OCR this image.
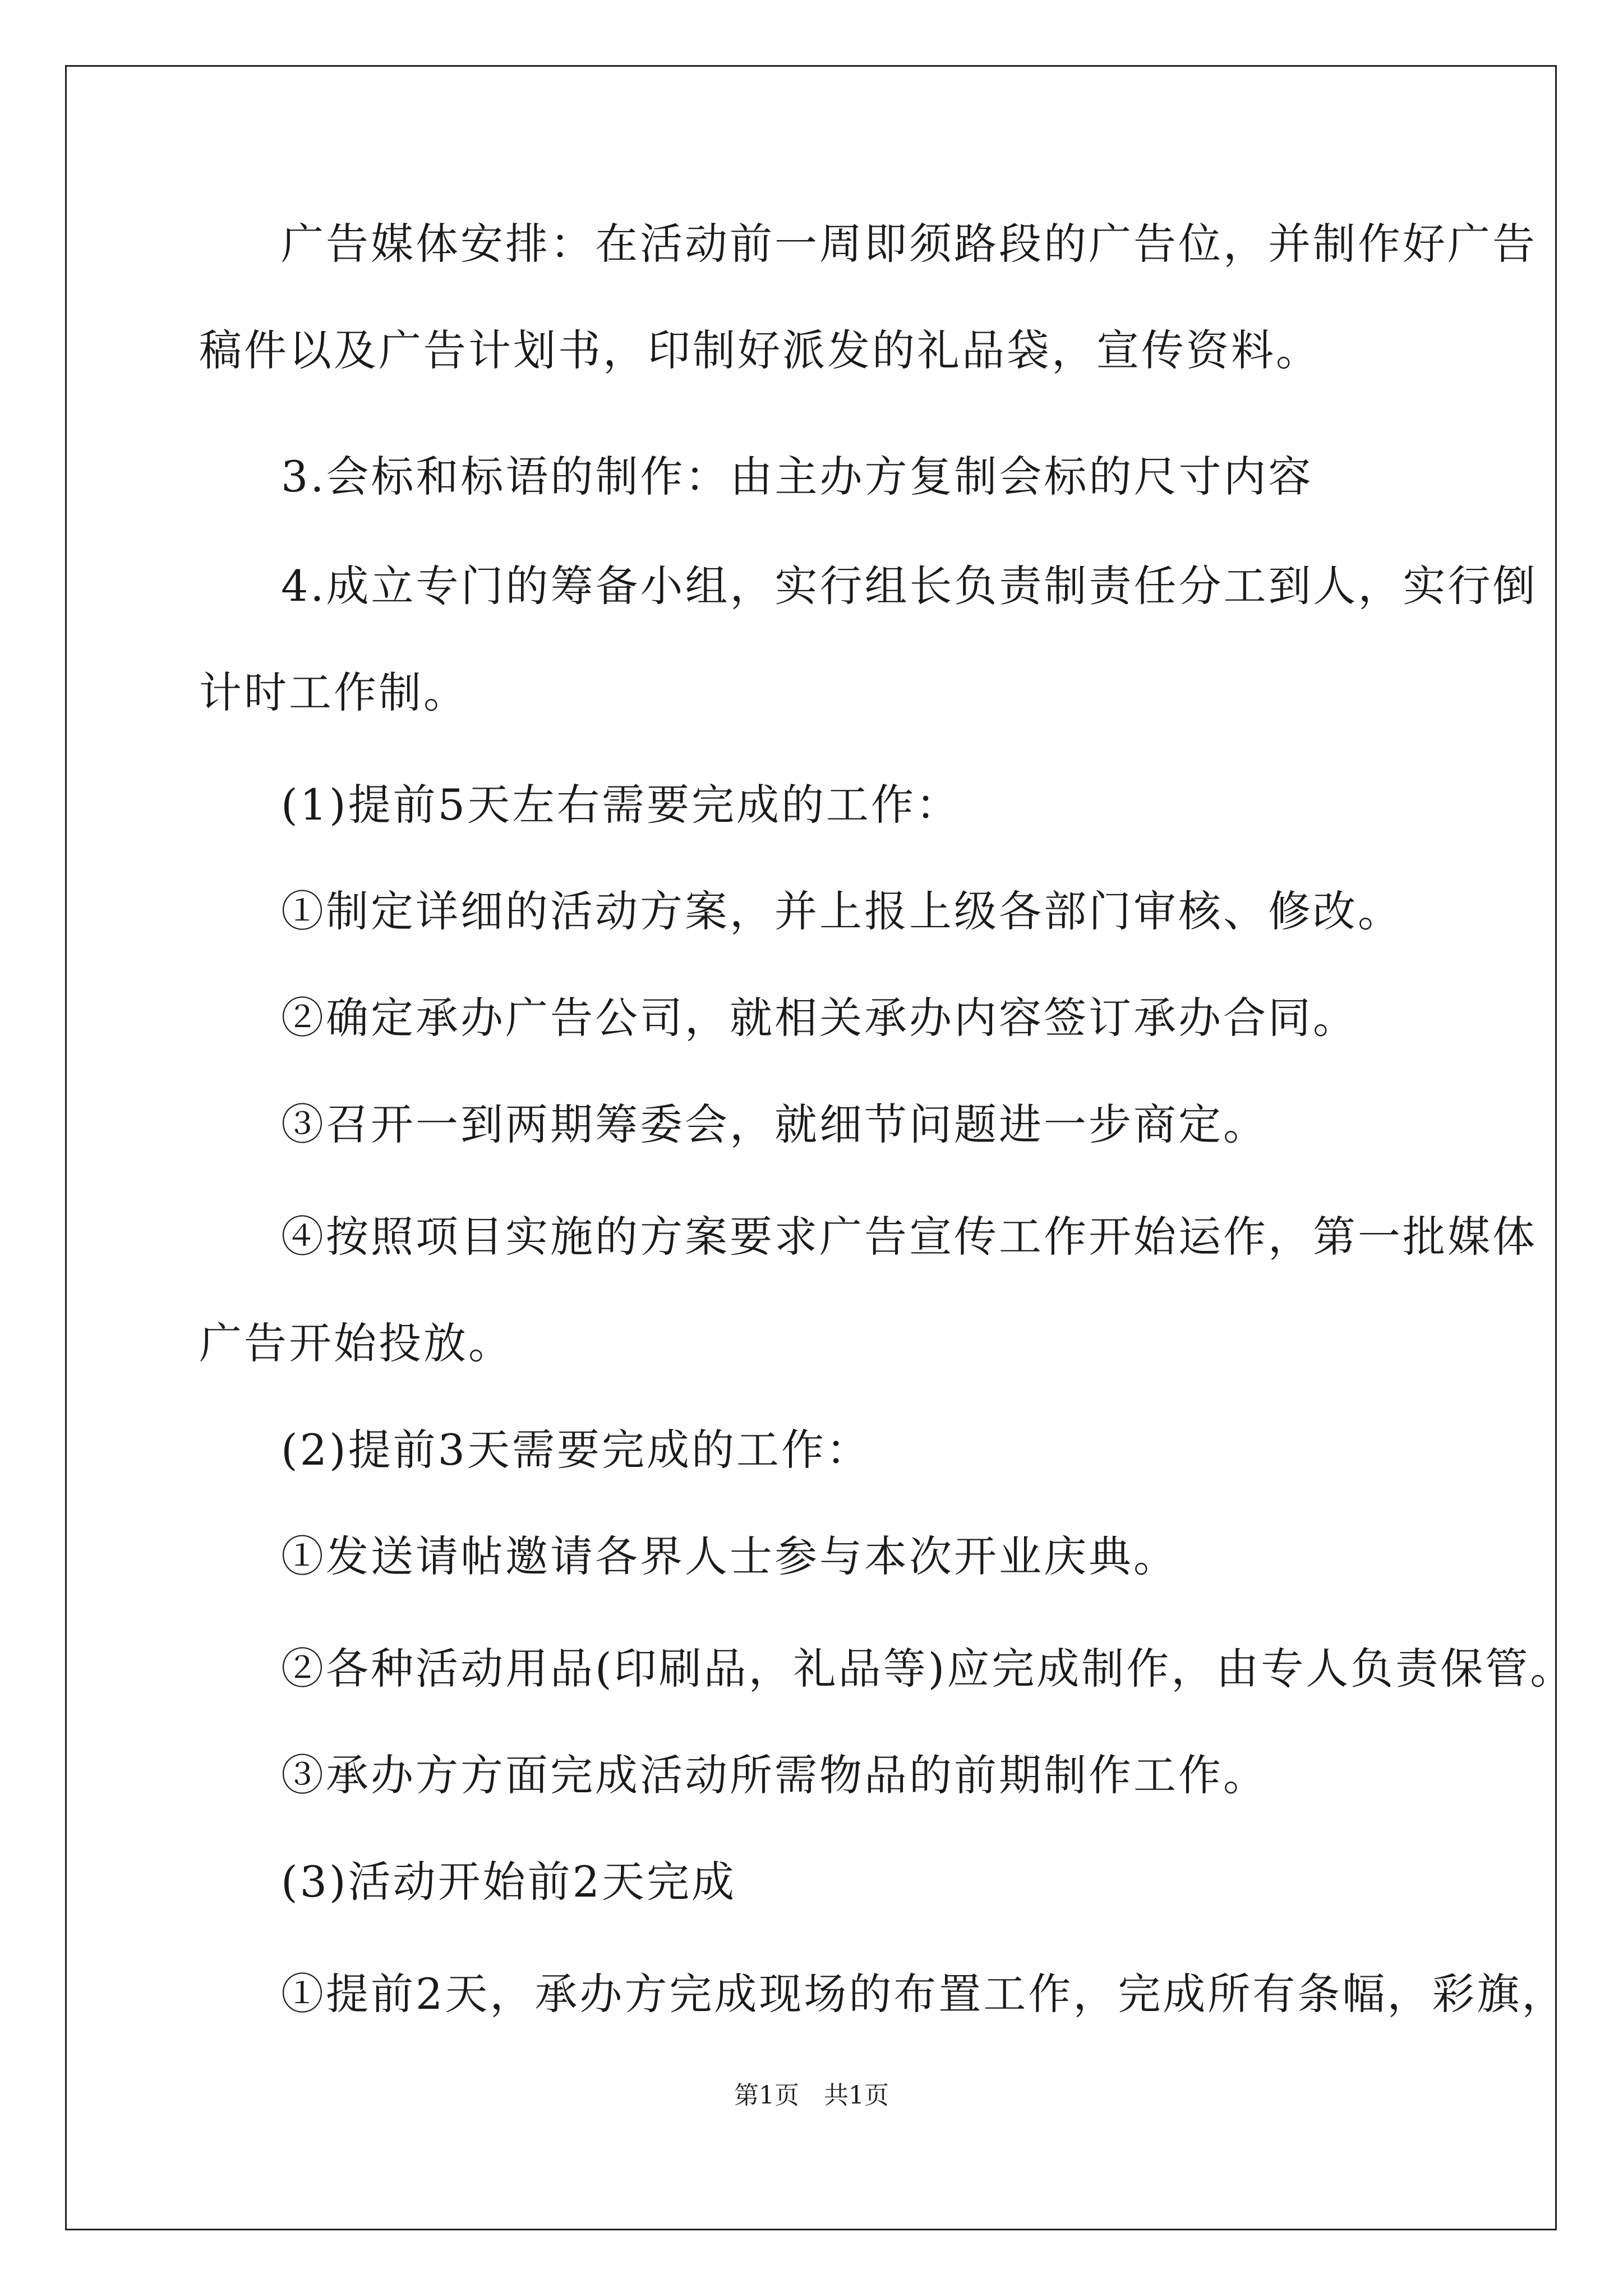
广告媒体安排：在活动前一周即须路段的广告位，并制作好广告
稿件以及广告计划书，印制好派发的礼品袋，宣传资料。
3.会标和标语的制作：由主办方复制会标的尺寸内容
4.成立专门的筹备小组，实行组长负责制责任分工到人，实行倒
计时工作制。
(1)提前5天左右需要完成的工作：
①制定详细的活动方案，并上报上级各部门审核、修改。
②确定承办广告公司，就相关承办内容签订承办合同。
③召开一到两期筹委会，就细节问题进一步商定。
④按照项目实施的方案要求广告宣传工作开始运作，第一批媒体
广告开始投放。
(2)提前3天需要完成的工作：
①发送请帖邀请各界人士参与本次开业庆典。
②各种活动用品(印刷品，礼品等)应完成制作，由专人负责保管。
③承办方方面完成活动所需物品的前期制作工作。
(3)活动开始前2天完成
①提前2天，承办方完成现场的布置工作，完成所有条幅，彩旗，
第1页　共1页
